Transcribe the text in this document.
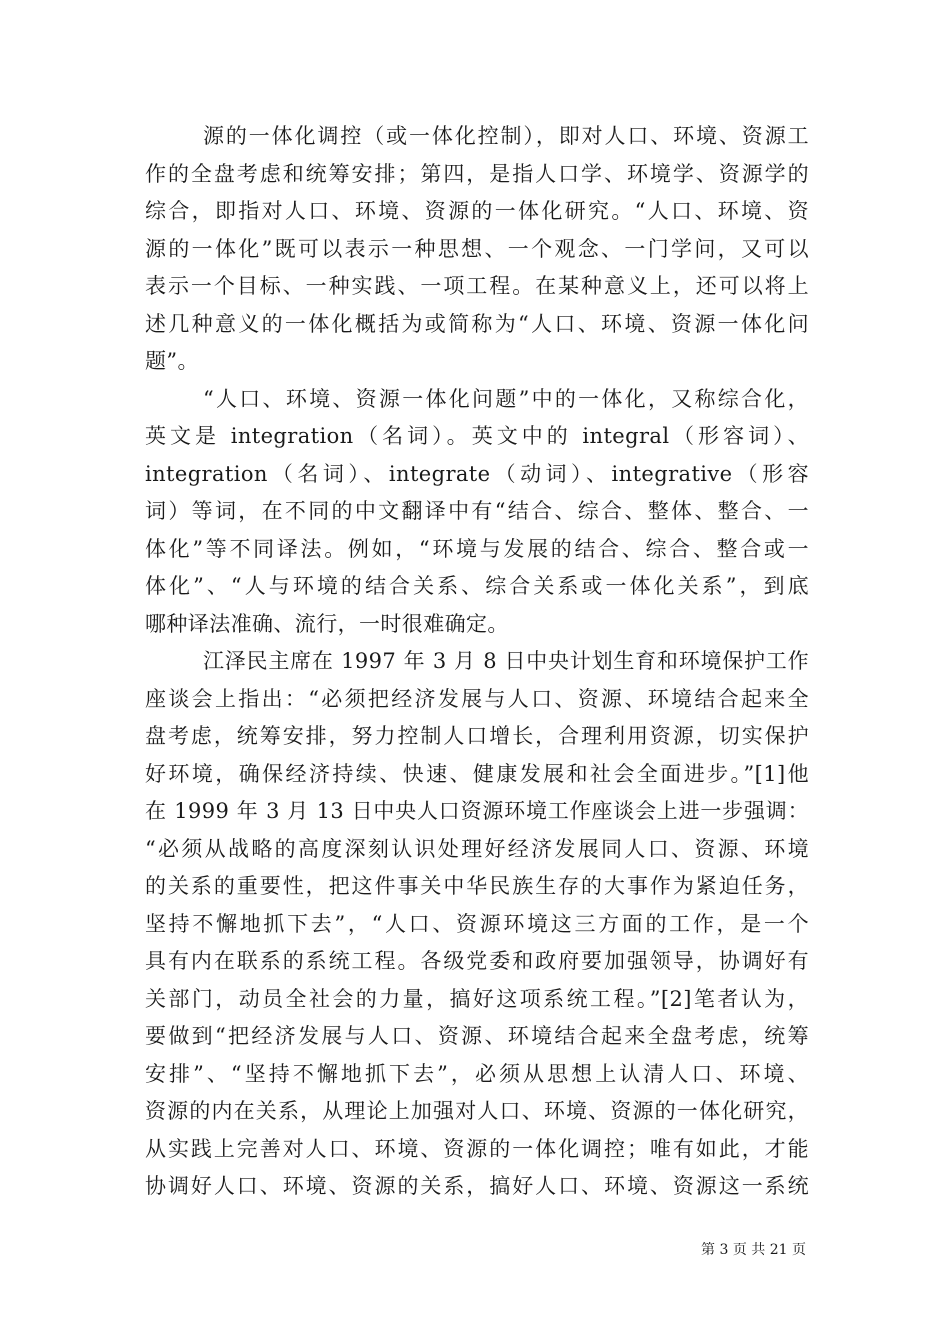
源的一体化调控（或一体化控制），即对人口、环境、资源工
作的全盘考虑和统筹安排；第四，是指人口学、环境学、资源学的
综合，即指对人口、环境、资源的一体化研究。“人口、环境、资
源的一体化”既可以表示一种思想、一个观念、一门学问，又可以
表示一个目标、一种实践、一项工程。在某种意义上，还可以将上
述几种意义的一体化概括为或简称为“人口、环境、资源一体化问
题”。
“人口、环境、资源一体化问题”中的一体化，又称综合化，
英文是 integration（名词）。英文中的 integral（形容词）、
integration（名词）、integrate（动词）、integrative（形容
词）等词，在不同的中文翻译中有“结合、综合、整体、整合、一
体化”等不同译法。例如，“环境与发展的结合、综合、整合或一
体化”、“人与环境的结合关系、综合关系或一体化关系”，到底
哪种译法准确、流行，一时很难确定。
江泽民主席在 1997 年 3 月 8 日中央计划生育和环境保护工作
座谈会上指出：“必须把经济发展与人口、资源、环境结合起来全
盘考虑，统筹安排，努力控制人口增长，合理利用资源，切实保护
好环境，确保经济持续、快速、健康发展和社会全面进步。”[1]他
在 1999 年 3 月 13 日中央人口资源环境工作座谈会上进一步强调：
“必须从战略的高度深刻认识处理好经济发展同人口、资源、环境
的关系的重要性，把这件事关中华民族生存的大事作为紧迫任务，
坚持不懈地抓下去”，“人口、资源环境这三方面的工作，是一个
具有内在联系的系统工程。各级党委和政府要加强领导，协调好有
关部门，动员全社会的力量，搞好这项系统工程。”[2]笔者认为，
要做到“把经济发展与人口、资源、环境结合起来全盘考虑，统筹
安排”、“坚持不懈地抓下去”，必须从思想上认清人口、环境、
资源的内在关系，从理论上加强对人口、环境、资源的一体化研究，
从实践上完善对人口、环境、资源的一体化调控；唯有如此，才能
协调好人口、环境、资源的关系，搞好人口、环境、资源这一系统
第 3 页 共 21 页
